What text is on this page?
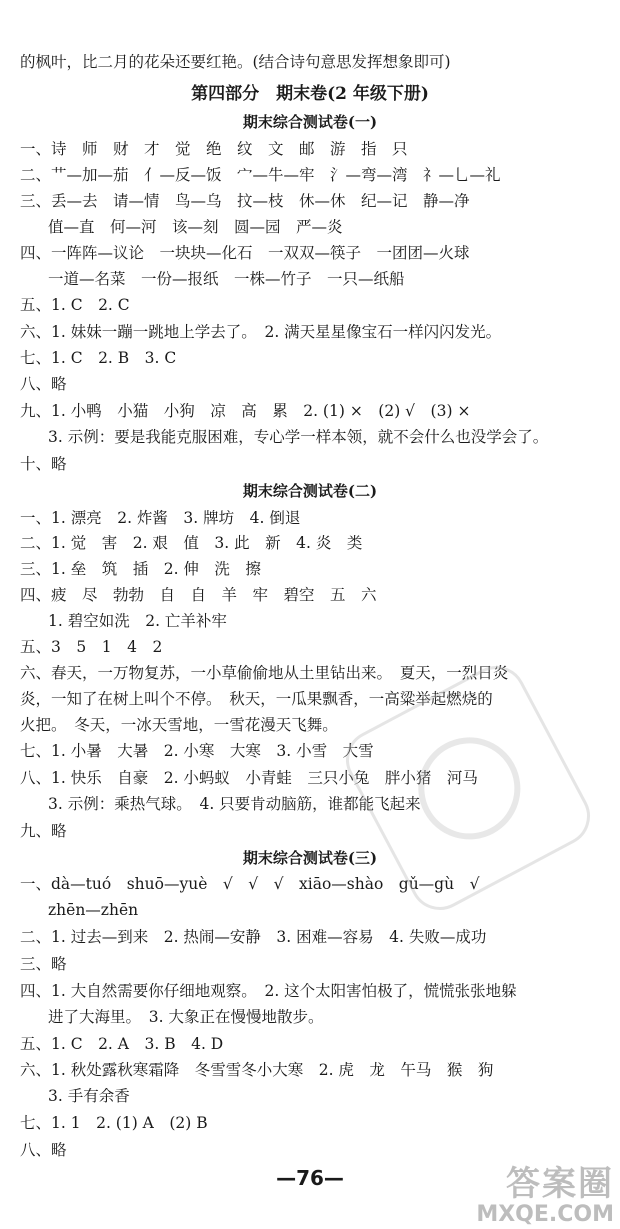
的枫叶，比二月的花朵还要红艳。(结合诗句意思发挥想象即可)
第四部分　期末卷(2 年级下册)
期末综合测试卷(一)
一、诗　师　财　才　觉　绝　纹　文　邮　游　指　只
二、艹—加—茄　亻—反—饭　宀—牛—牢　氵—弯—湾　礻—乚—礼
三、丢—去　请—情　鸟—乌　抆—枝　休—休　纪—记　静—净
值—直　何—河　该—刻　圆—园　严—炎
四、一阵阵—议论　一块块—化石　一双双—筷子　一团团—火球
一道—名菜　一份—报纸　一株—竹子　一只—纸船
五、1. C　2. C
六、1. 妹妹一蹦一跳地上学去了。　2. 满天星星像宝石一样闪闪发光。
七、1. C　2. B　3. C
八、略
九、1. 小鸭　小猫　小狗　凉　高　累　2. (1) ×　(2) √　(3) ×
3. 示例：要是我能克服困难，专心学一样本领，就不会什么也没学会了。
十、略
期末综合测试卷(二)
一、1. 漂亮　2. 炸酱　3. 牌坊　4. 倒退
二、1. 觉　害　2. 艰　值　3. 此　新　4. 炎　类
三、1. 垒　筑　插　2. 伸　洗　擦
四、疲　尽　勃勃　自　自　羊　牢　碧空　五　六
1. 碧空如洗　2. 亡羊补牢
五、3　5　1　4　2
六、春天，一万物复苏，一小草偷偷地从土里钻出来。　夏天，一烈日炎
炎，一知了在树上叫个不停。　秋天，一瓜果飘香，一高粱举起燃烧的
火把。　冬天，一冰天雪地，一雪花漫天飞舞。
七、1. 小暑　大暑　2. 小寒　大寒　3. 小雪　大雪
八、1. 快乐　自豪　2. 小蚂蚁　小青蛙　三只小兔　胖小猪　河马
3. 示例：乘热气球。　4. 只要肯动脑筋，谁都能飞起来
九、略
期末综合测试卷(三)
一、dà—tuó　shuō—yuè　√　√　√　xiāo—shào　gǔ—gù　√
zhēn—zhēn
二、1. 过去—到来　2. 热闹—安静　3. 困难—容易　4. 失败—成功
三、略
四、1. 大自然需要你仔细地观察。　2. 这个太阳害怕极了，慌慌张张地躲
进了大海里。　3. 大象正在慢慢地散步。
五、1. C　2. A　3. B　4. D
六、1. 秋处露秋寒霜降　冬雪雪冬小大寒　2. 虎　龙　午马　猴　狗
3. 手有余香
七、1. 1　2. (1) A　(2) B
八、略
—76—	答案圈
MXQE.COM
